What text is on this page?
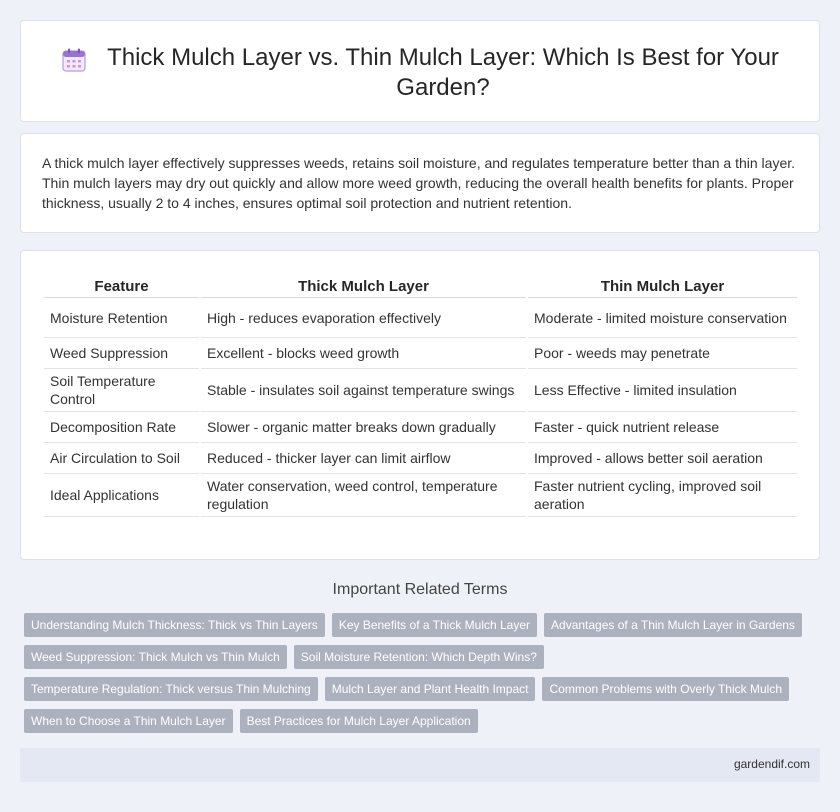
Thick Mulch Layer vs. Thin Mulch Layer: Which Is Best for Your Garden?

A thick mulch layer effectively suppresses weeds, retains soil moisture, and regulates temperature better than a thin layer. Thin mulch layers may dry out quickly and allow more weed growth, reducing the overall health benefits for plants. Proper thickness, usually 2 to 4 inches, ensures optimal soil protection and nutrient retention.

Feature	Thick Mulch Layer	Thin Mulch Layer
Moisture Retention	High - reduces evaporation effectively	Moderate - limited moisture conservation
Weed Suppression	Excellent - blocks weed growth	Poor - weeds may penetrate
Soil Temperature Control	Stable - insulates soil against temperature swings	Less Effective - limited insulation
Decomposition Rate	Slower - organic matter breaks down gradually	Faster - quick nutrient release
Air Circulation to Soil	Reduced - thicker layer can limit airflow	Improved - allows better soil aeration
Ideal Applications	Water conservation, weed control, temperature regulation	Faster nutrient cycling, improved soil aeration
Important Related Terms
Understanding Mulch Thickness: Thick vs Thin Layers	Key Benefits of a Thick Mulch Layer	Advantages of a Thin Mulch Layer in Gardens
Weed Suppression: Thick Mulch vs Thin Mulch	Soil Moisture Retention: Which Depth Wins?
Temperature Regulation: Thick versus Thin Mulching	Mulch Layer and Plant Health Impact	Common Problems with Overly Thick Mulch
When to Choose a Thin Mulch Layer	Best Practices for Mulch Layer Application
gardendif.com
